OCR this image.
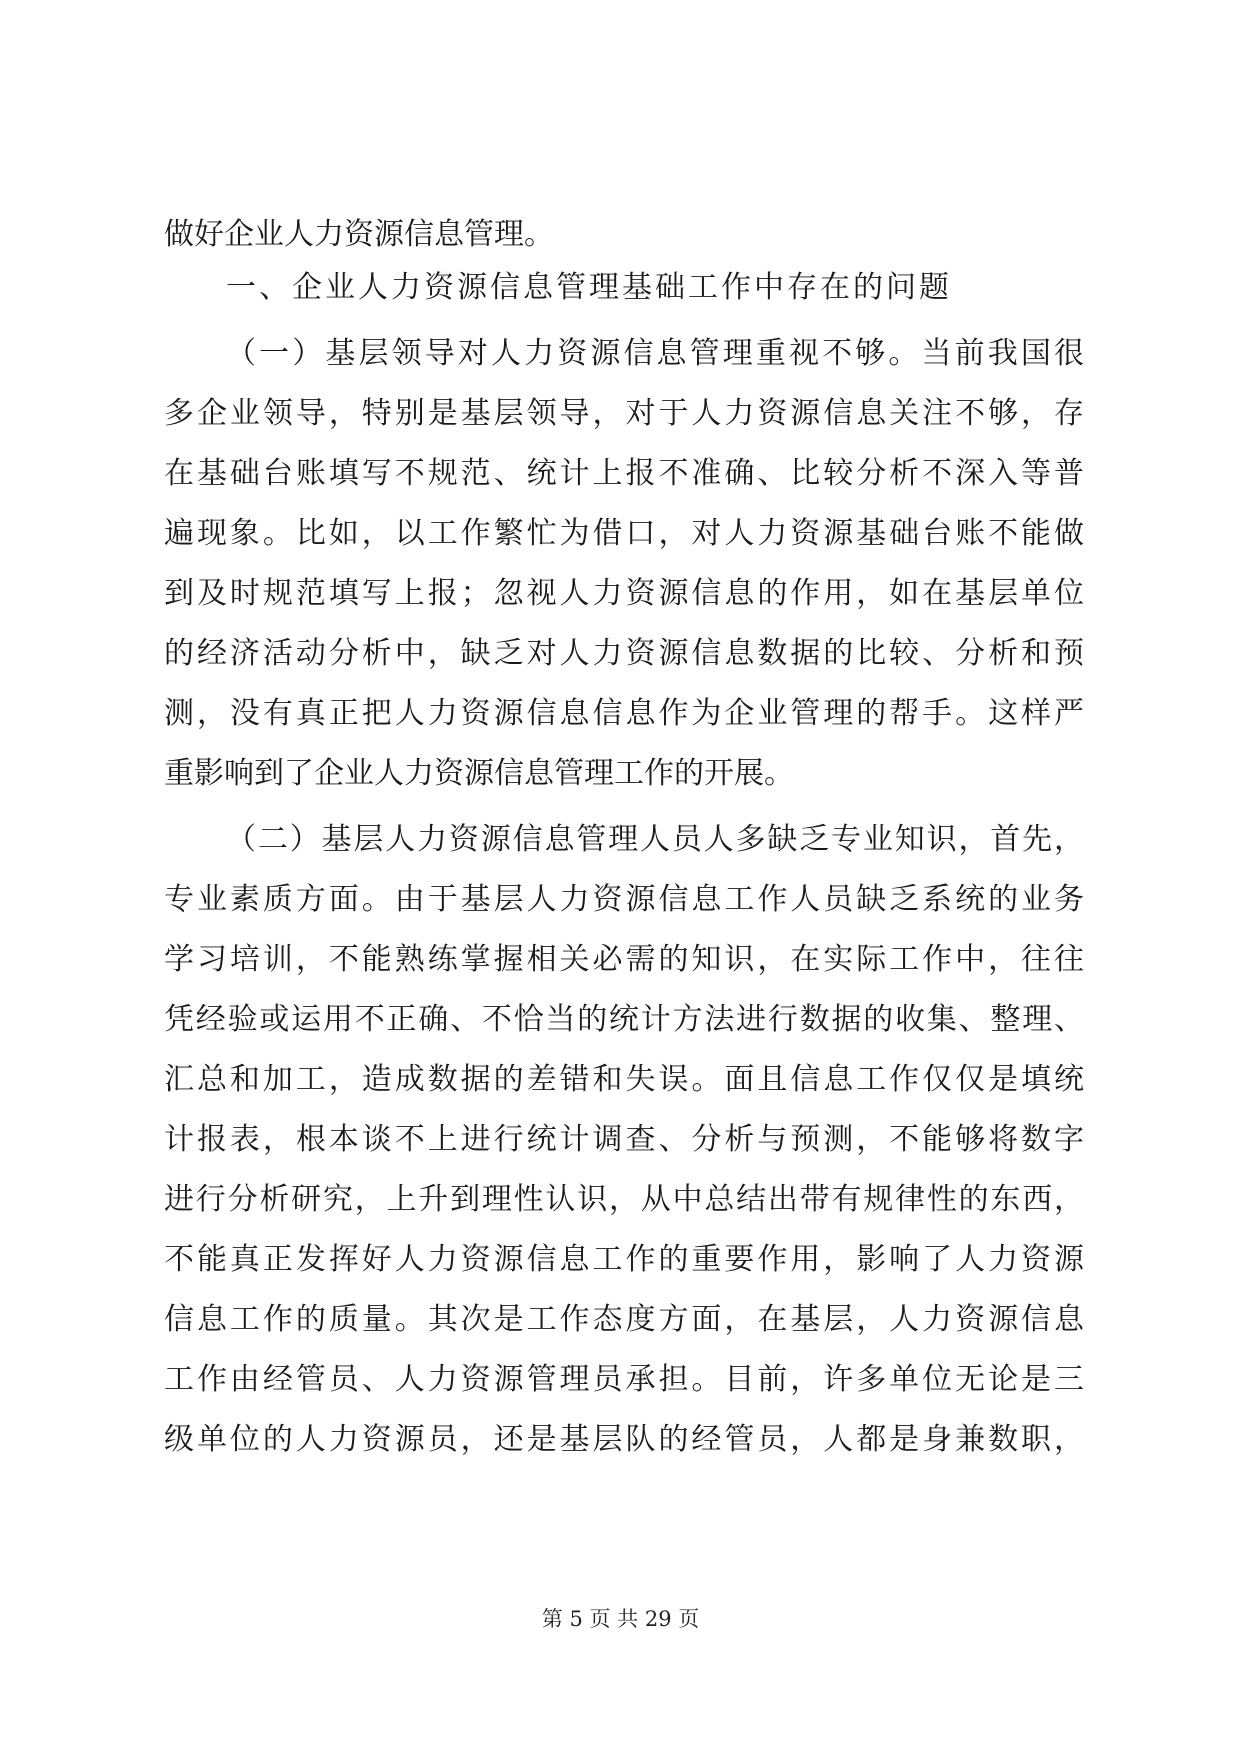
做好企业人力资源信息管理。
一、企业人力资源信息管理基础工作中存在的问题
（一）基层领导对人力资源信息管理重视不够。当前我国很
多企业领导，特别是基层领导，对于人力资源信息关注不够，存
在基础台账填写不规范、统计上报不准确、比较分析不深入等普
遍现象。比如，以工作繁忙为借口，对人力资源基础台账不能做
到及时规范填写上报；忽视人力资源信息的作用，如在基层单位
的经济活动分析中，缺乏对人力资源信息数据的比较、分析和预
测，没有真正把人力资源信息信息作为企业管理的帮手。这样严
重影响到了企业人力资源信息管理工作的开展。
（二）基层人力资源信息管理人员人多缺乏专业知识，首先，
专业素质方面。由于基层人力资源信息工作人员缺乏系统的业务
学习培训，不能熟练掌握相关必需的知识，在实际工作中，往往
凭经验或运用不正确、不恰当的统计方法进行数据的收集、整理、
汇总和加工，造成数据的差错和失误。面且信息工作仅仅是填统
计报表，根本谈不上进行统计调查、分析与预测，不能够将数字
进行分析研究，上升到理性认识，从中总结出带有规律性的东西，
不能真正发挥好人力资源信息工作的重要作用，影响了人力资源
信息工作的质量。其次是工作态度方面，在基层，人力资源信息
工作由经管员、人力资源管理员承担。目前，许多单位无论是三
级单位的人力资源员，还是基层队的经管员，人都是身兼数职，
第 5 页 共 29 页
